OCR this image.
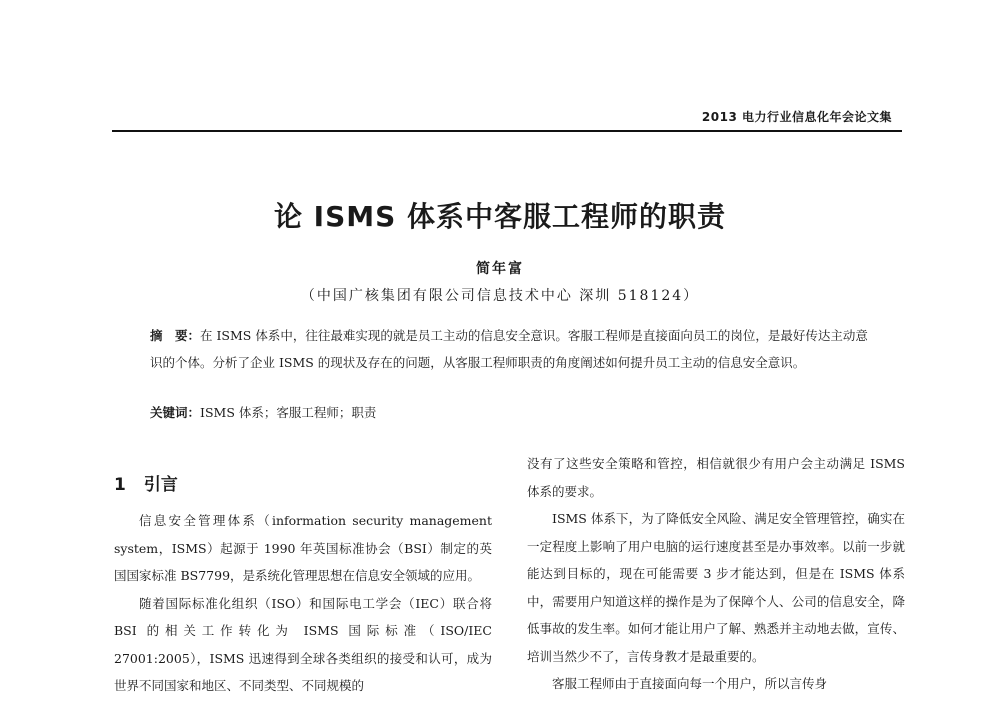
2013 电力行业信息化年会论文集
论 ISMS 体系中客服工程师的职责
简年富
（中国广核集团有限公司信息技术中心 深圳 518124）
摘　要：在 ISMS 体系中，往往最难实现的就是员工主动的信息安全意识。客服工程师是直接面向员工的岗位，是最好传达主动意识的个体。分析了企业 ISMS 的现状及存在的问题，从客服工程师职责的角度阐述如何提升员工主动的信息安全意识。
关键词：ISMS 体系；客服工程师；职责
1 引言

信息安全管理体系（information security management system，ISMS）起源于 1990 年英国标准协会（BSI）制定的英国国家标准 BS7799，是系统化管理思想在信息安全领域的应用。

随着国际标准化组织（ISO）和国际电工学会（IEC）联合将 BSI 的相关工作转化为 ISMS 国际标准（ISO/IEC 27001:2005），ISMS 迅速得到全球各类组织的接受和认可，成为世界不同国家和地区、不同类型、不同规模的

没有了这些安全策略和管控，相信就很少有用户会主动满足 ISMS 体系的要求。

ISMS 体系下，为了降低安全风险、满足安全管理管控，确实在一定程度上影响了用户电脑的运行速度甚至是办事效率。以前一步就能达到目标的，现在可能需要 3 步才能达到，但是在 ISMS 体系中，需要用户知道这样的操作是为了保障个人、公司的信息安全，降低事故的发生率。如何才能让用户了解、熟悉并主动地去做，宣传、培训当然少不了，言传身教才是最重要的。

客服工程师由于直接面向每一个用户，所以言传身
